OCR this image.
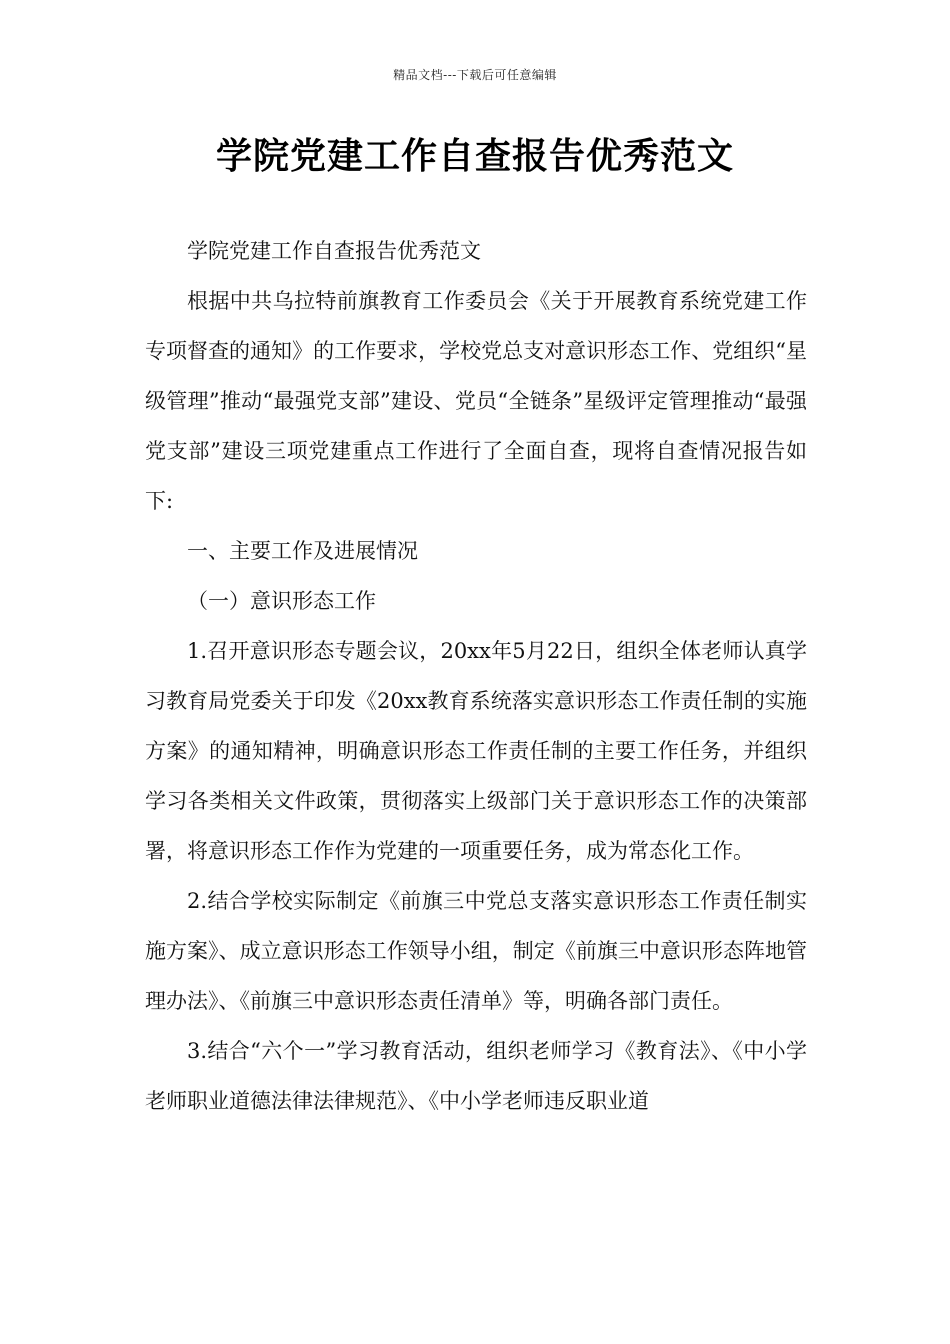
精品文档---下载后可任意编辑
学院党建工作自查报告优秀范文

学院党建工作自查报告优秀范文

根据中共乌拉特前旗教育工作委员会《关于开展教育系统党建工作专项督查的通知》的工作要求，学校党总支对意识形态工作、党组织“星级管理”推动“最强党支部”建设、党员“全链条”星级评定管理推动“最强党支部”建设三项党建重点工作进行了全面自查，现将自查情况报告如下:

一、主要工作及进展情况

（一）意识形态工作

1.召开意识形态专题会议，20xx年5月22日，组织全体老师认真学习教育局党委关于印发《20xx教育系统落实意识形态工作责任制的实施方案》的通知精神，明确意识形态工作责任制的主要工作任务，并组织学习各类相关文件政策，贯彻落实上级部门关于意识形态工作的决策部署，将意识形态工作作为党建的一项重要任务，成为常态化工作。

2.结合学校实际制定《前旗三中党总支落实意识形态工作责任制实施方案》、成立意识形态工作领导小组，制定《前旗三中意识形态阵地管理办法》、《前旗三中意识形态责任清单》等，明确各部门责任。

3.结合“六个一”学习教育活动，组织老师学习《教育法》、《中小学老师职业道德法律法律规范》、《中小学老师违反职业道
